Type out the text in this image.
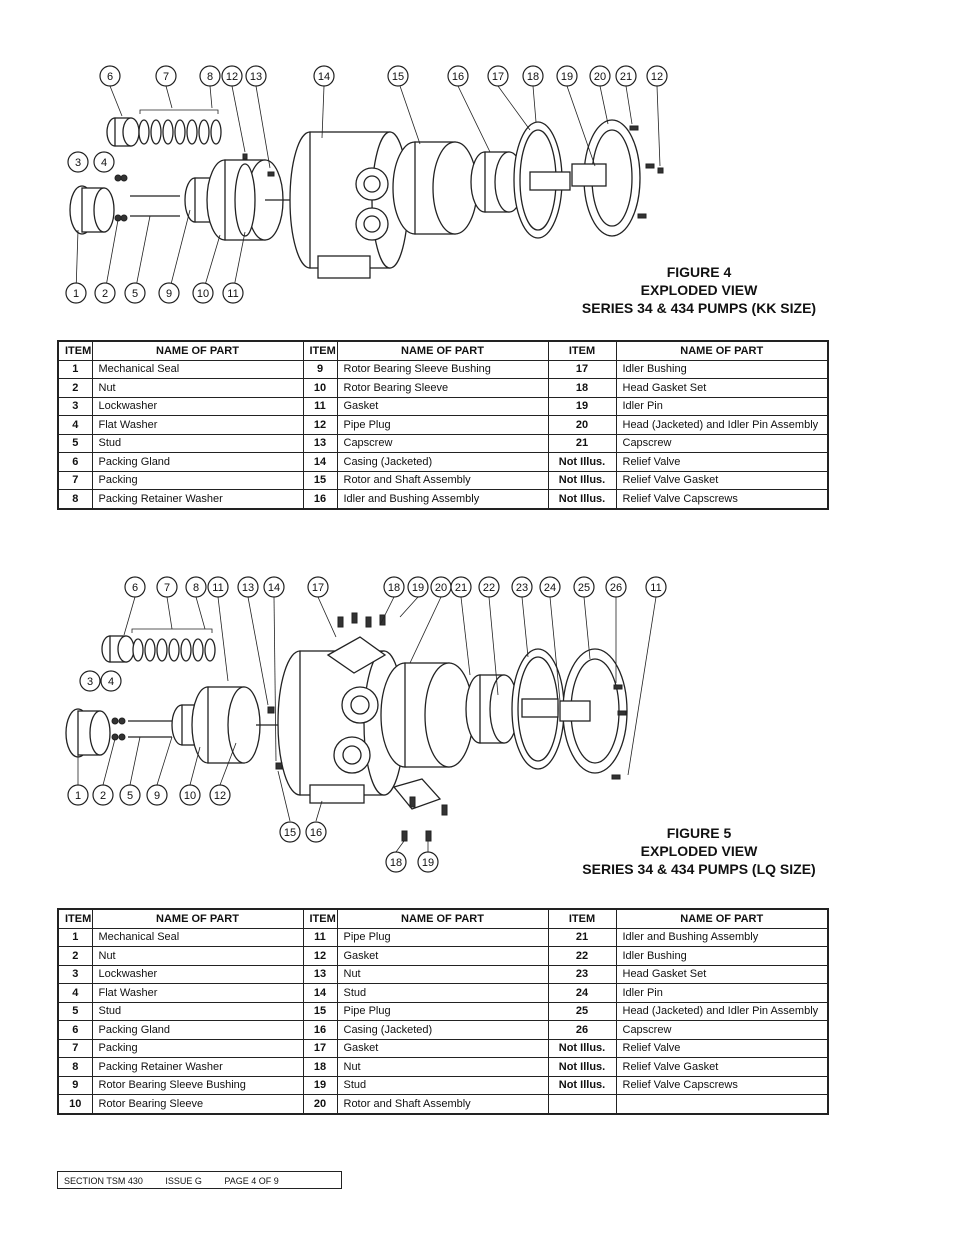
6	7	8 12 13	14	15	16	17 18 19 20 21 12
3 4
1 2 5	9 10 11
FIGURE 4
EXPLODED VIEW
SERIES 34 & 434 PUMPS (KK SIZE)
ITEM	NAME OF PART	ITEM	NAME OF PART	ITEM	NAME OF PART
1	Mechanical Seal	9	Rotor Bearing Sleeve Bushing	17	Idler Bushing
2	Nut	10	Rotor Bearing Sleeve	18	Head Gasket Set
3	Lockwasher	11	Gasket	19	Idler Pin
4	Flat Washer	12	Pipe Plug	20	Head (Jacketed) and Idler Pin Assembly
5	Stud	13	Capscrew	21	Capscrew
6	Packing Gland	14	Casing (Jacketed)	Not Illus.	Relief Valve
7	Packing	15	Rotor and Shaft Assembly	Not Illus.	Relief Valve Gasket
8	Packing Retainer Washer	16	Idler and Bushing Assembly	Not Illus.	Relief Valve Capscrews
6 7 8 11 13 14	17	18 19 20 21 22 23 24 25 26	11
3 4
1 2 5 9 10 12
15 16
18 19
FIGURE 5
EXPLODED VIEW
SERIES 34 & 434 PUMPS (LQ SIZE)
ITEM	NAME OF PART	ITEM	NAME OF PART	ITEM	NAME OF PART
1	Mechanical Seal	11	Pipe Plug	21	Idler and Bushing Assembly
2	Nut	12	Gasket	22	Idler Bushing
3	Lockwasher	13	Nut	23	Head Gasket Set
4	Flat Washer	14	Stud	24	Idler Pin
5	Stud	15	Pipe Plug	25	Head (Jacketed) and Idler Pin Assembly
6	Packing Gland	16	Casing (Jacketed)	26	Capscrew
7	Packing	17	Gasket	Not Illus.	Relief Valve
8	Packing Retainer Washer	18	Nut	Not Illus.	Relief Valve Gasket
9	Rotor Bearing Sleeve Bushing	19	Stud	Not Illus.	Relief Valve Capscrews
10	Rotor Bearing Sleeve	20	Rotor and Shaft Assembly		
SECTION TSM 430	ISSUE G	PAGE 4 OF 9
